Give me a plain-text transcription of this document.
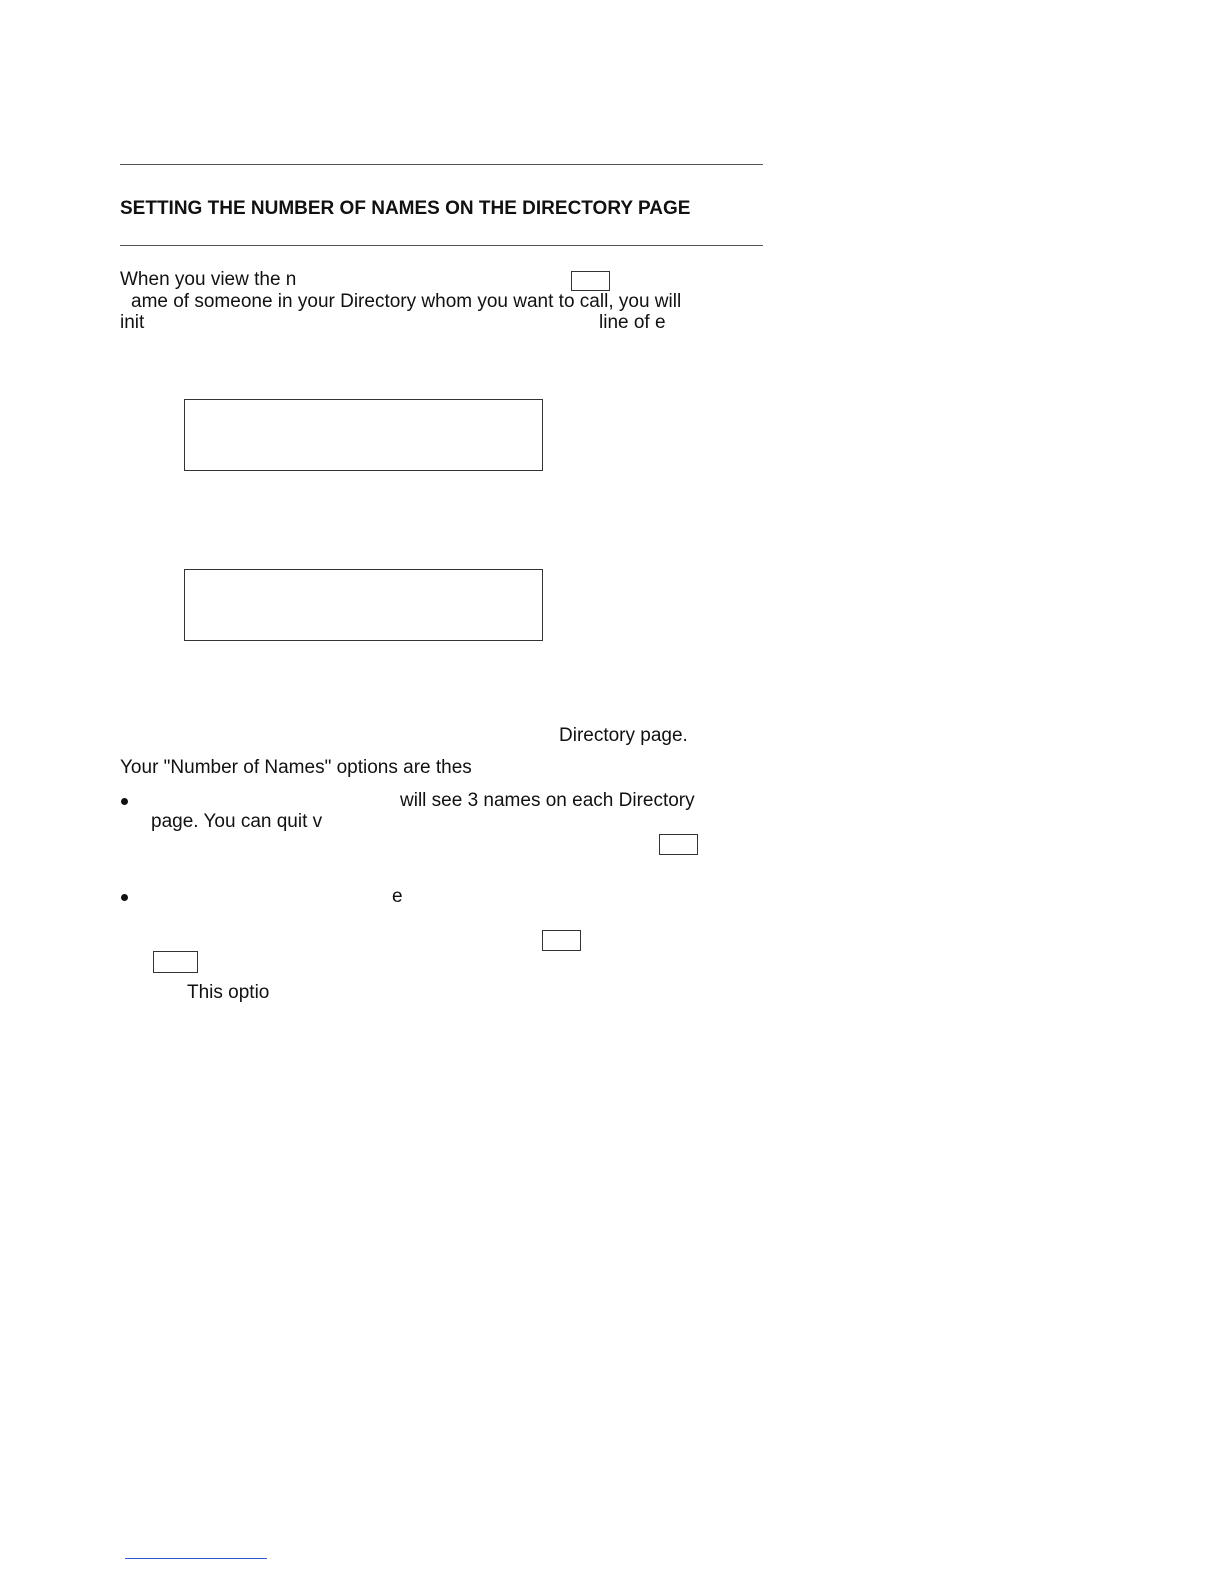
SETTING THE NUMBER OF NAMES ON THE DIRECTORY PAGE
When you view the n
ame of someone in your Directory whom you want to call, you will
init	line of e
Directory page.
Your "Number of Names" options are thes
will see 3 names on each Directory
page. You can quit v
e
This optio
